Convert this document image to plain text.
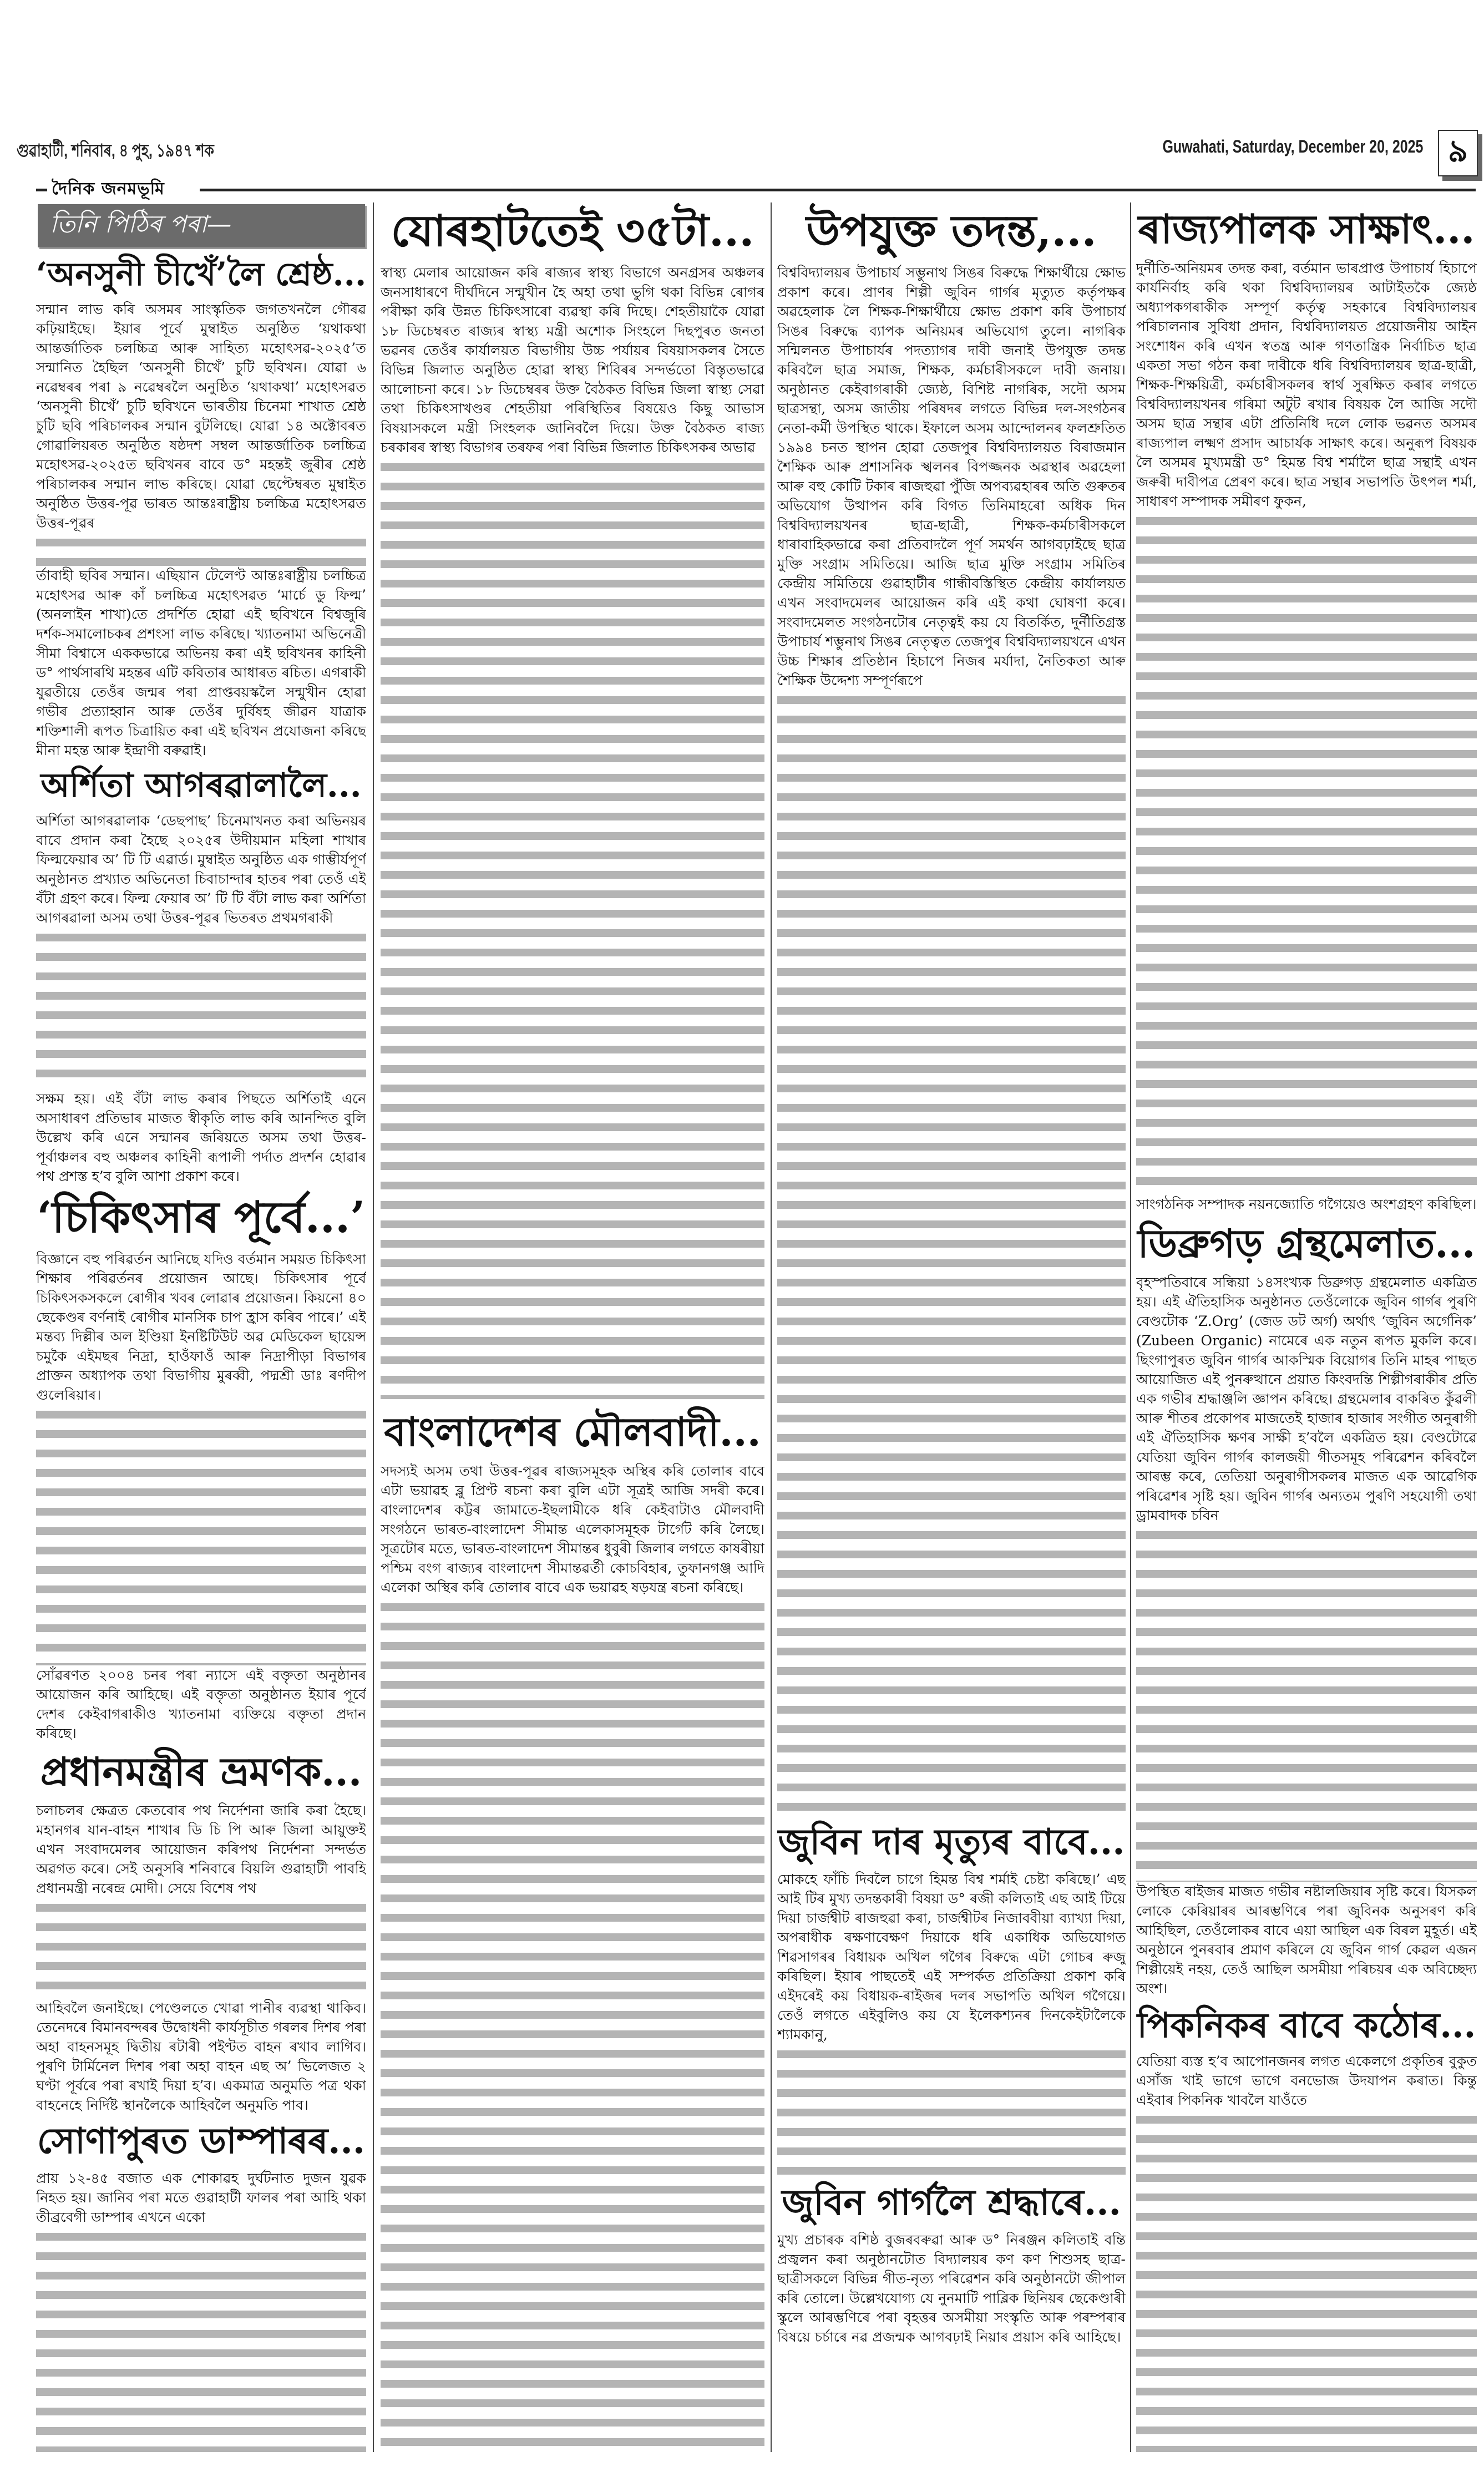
গুৱাহাটী, শনিবাৰ, ৪ পুহ, ১৯৪৭ শক	Guwahati, Saturday, December 20, 2025 ৯
দৈনিক জনমভূমি
তিনি পিঠিৰ পৰা—
‘অনসুনী চীখেঁ’লৈ শ্ৰেষ্ঠ...

সন্মান লাভ কৰি অসমৰ সাংস্কৃতিক জগতখনলৈ গৌৰৱ কঢ়িয়াইছে। ইয়াৰ পূৰ্বে মুম্বাইত অনুষ্ঠিত ‘য়থাকথা আন্তৰ্জাতিক চলচ্চিত্ৰ আৰু সাহিত্য মহোৎসৱ-২০২৫’ত সন্মানিত হৈছিল ‘অনসুনী চীখেঁ’ চুটি ছবিখন। যোৱা ৬ নৱেম্বৰৰ পৰা ৯ নৱেম্বৰলৈ অনুষ্ঠিত ‘য়থাকথা’ মহোৎসৱত ‘অনসুনী চীখেঁ’ চুটি ছবিখনে ভাৰতীয় চিনেমা শাখাত শ্ৰেষ্ঠ চুটি ছবি পৰিচালকৰ সন্মান বুটলিছে। যোৱা ১৪ অক্টোবৰত গোৱালিয়ৰত অনুষ্ঠিত ষষ্ঠদশ সম্বল আন্তৰ্জাতিক চলচ্চিত্ৰ মহোৎসৱ-২০২৫ত ছবিখনৰ বাবে ড° মহন্তই জুৰীৰ শ্ৰেষ্ঠ পৰিচালকৰ সন্মান লাভ কৰিছে। যোৱা ছেপ্টেম্বৰত মুম্বাইত অনুষ্ঠিত উত্তৰ-পূৱ ভাৰত আন্তঃৰাষ্ট্ৰীয় চলচ্চিত্ৰ মহোৎসৱত উত্তৰ-পূৱৰ

ৰ্তাবাহী ছবিৰ সন্মান। এছিয়ান টেলেণ্ট আন্তঃৰাষ্ট্ৰীয় চলচ্চিত্ৰ মহোৎসৱ আৰু কাঁ চলচ্চিত্ৰ মহোৎসৱত ‘মাৰ্চে ডু ফিল্ম’ (অনলাইন শাখা)তে প্ৰদৰ্শিত হোৱা এই ছবিখনে বিশ্বজুৰি দৰ্শক-সমালোচকৰ প্ৰশংসা লাভ কৰিছে। খ্যাতনামা অভিনেত্ৰী সীমা বিশ্বাসে এককভাৱে অভিনয় কৰা এই ছবিখনৰ কাহিনী ড° পাৰ্থসাৰথি মহন্তৰ এটি কবিতাৰ আধাৰত ৰচিত। এগৰাকী যুৱতীয়ে তেওঁৰ জন্মৰ পৰা প্ৰাপ্তবয়স্কলৈ সন্মুখীন হোৱা গভীৰ প্ৰত্যাহ্বান আৰু তেওঁৰ দুৰ্বিষহ জীৱন যাত্ৰাক শক্তিশালী ৰূপত চিত্ৰায়িত কৰা এই ছবিখন প্ৰযোজনা কৰিছে মীনা মহন্ত আৰু ইন্দ্ৰাণী বৰুৱাই।

অৰ্শিতা আগৰৱালালৈ...

অৰ্শিতা আগৰৱালাক ‘ডেছপাছ’ চিনেমাখনত কৰা অভিনয়ৰ বাবে প্ৰদান কৰা হৈছে ২০২৫ৰ উদীয়মান মহিলা শাখাৰ ফিল্মফেয়াৰ অ’ টি টি এৱাৰ্ড। মুম্বাইত অনুষ্ঠিত এক গাম্ভীৰ্যপূৰ্ণ অনুষ্ঠানত প্ৰখ্যাত অভিনেতা চিবাচান্দাৰ হাতৰ পৰা তেওঁ এই বঁটা গ্ৰহণ কৰে। ফিল্ম ফেয়াৰ অ’ টি টি বঁটা লাভ কৰা অৰ্শিতা আগৰৱালা অসম তথা উত্তৰ-পূৱৰ ভিতৰত প্ৰথমগৰাকী

সক্ষম হয়। এই বঁটা লাভ কৰাৰ পিছতে অৰ্শিতাই এনে অসাধাৰণ প্ৰতিভাৰ মাজত স্বীকৃতি লাভ কৰি আনন্দিত বুলি উল্লেখ কৰি এনে সন্মানৰ জৰিয়তে অসম তথা উত্তৰ-পূৰ্বাঞ্চলৰ বহু অঞ্চলৰ কাহিনী ৰূপালী পৰ্দাত প্ৰদৰ্শন হোৱাৰ পথ প্ৰশস্ত হ’ব বুলি আশা প্ৰকাশ কৰে।

‘চিকিৎসাৰ পূৰ্বে...’

বিজ্ঞানে বহু পৰিৱৰ্তন আনিছে যদিও বৰ্তমান সময়ত চিকিৎসা শিক্ষাৰ পৰিৱৰ্তনৰ প্ৰয়োজন আছে। চিকিৎসাৰ পূৰ্বে চিকিৎসকসকলে ৰোগীৰ খবৰ লোৱাৰ প্ৰয়োজন। কিয়নো ৪০ ছেকেণ্ডৰ বৰ্ণনাই ৰোগীৰ মানসিক চাপ হ্ৰাস কৰিব পাৰে।’ এই মন্তব্য দিল্লীৰ অল ইণ্ডিয়া ইনষ্টিটিউট অৱ মেডিকেল ছায়েন্স চমুকৈ এইমছৰ নিদ্ৰা, হাওঁফাওঁ আৰু নিদ্ৰাপীড়া বিভাগৰ প্ৰাক্তন অধ্যাপক তথা বিভাগীয় মুৰব্বী, পদ্মশ্ৰী ডাঃ ৰণদীপ গুলেৰিয়াৰ।

সোঁৱৰণত ২০০৪ চনৰ পৰা ন্যাসে এই বক্তৃতা অনুষ্ঠানৰ আয়োজন কৰি আহিছে। এই বক্তৃতা অনুষ্ঠানত ইয়াৰ পূৰ্বে দেশৰ কেইবাগৰাকীও খ্যাতনামা ব্যক্তিয়ে বক্তৃতা প্ৰদান কৰিছে।

প্ৰধানমন্ত্ৰীৰ ভ্ৰমণক...

চলাচলৰ ক্ষেত্ৰত কেতবোৰ পথ নিৰ্দেশনা জাৰি কৰা হৈছে। মহানগৰ যান-বাহন শাখাৰ ডি চি পি আৰু জিলা আয়ুক্তই এখন সংবাদমেলৰ আয়োজন কৰিপথ নিৰ্দেশনা সন্দৰ্ভত অৱগত কৰে। সেই অনুসৰি শনিবাৰে বিয়লি গুৱাহাটী পাবহি প্ৰধানমন্ত্ৰী নৰেন্দ্ৰ মোদী। সেয়ে বিশেষ পথ

আহিবলৈ জনাইছে। পেণ্ডেলতে খোৱা পানীৰ ব্যৱস্থা থাকিব। তেনেদৰে বিমানবন্দৰৰ উদ্বোধনী কাৰ্যসূচীত গৰলৰ দিশৰ পৰা অহা বাহনসমূহ দ্বিতীয় ৰটাৰী পইণ্টত বাহন ৰখাব লাগিব। পুৰণি টাৰ্মিনেল দিশৰ পৰা অহা বাহন এছ অ’ ভিলেজত ২ ঘণ্টা পূৰ্বৰে পৰা ৰখাই দিয়া হ’ব। একমাত্ৰ অনুমতি পত্ৰ থকা বাহনেহে নিৰ্দিষ্ট স্থানলৈকে আহিবলৈ অনুমতি পাব।

সোণাপুৰত ডাম্পাৰৰ...

প্ৰায় ১২-৪৫ বজাত এক শোকাৱহ দুৰ্ঘটনাত দুজন যুৱক নিহত হয়। জানিব পৰা মতে গুৱাহাটী ফালৰ পৰা আহি থকা তীব্ৰবেগী ডাম্পাৰ এখনে একো

যোৰহাটতেই ৩৫টা...

স্বাস্থ্য মেলাৰ আয়োজন কৰি ৰাজ্যৰ স্বাস্থ্য বিভাগে অনগ্ৰসৰ অঞ্চলৰ জনসাধাৰণে দীৰ্ঘদিনে সন্মুখীন হৈ অহা তথা ভুগি থকা বিভিন্ন ৰোগৰ পৰীক্ষা কৰি উন্নত চিকিৎসাৰো ব্যৱস্থা কৰি দিছে। শেহতীয়াকৈ যোৱা ১৮ ডিচেম্বৰত ৰাজ্যৰ স্বাস্থ্য মন্ত্ৰী অশোক সিংহলে দিছপুৰত জনতা ভৱনৰ তেওঁৰ কাৰ্যালয়ত বিভাগীয় উচ্চ পৰ্যায়ৰ বিষয়াসকলৰ সৈতে বিভিন্ন জিলাত অনুষ্ঠিত হোৱা স্বাস্থ্য শিবিৰৰ সন্দৰ্ভতো বিস্তৃতভাৱে আলোচনা কৰে। ১৮ ডিচেম্বৰৰ উক্ত বৈঠকত বিভিন্ন জিলা স্বাস্থ্য সেৱা তথা চিকিৎসাখণ্ডৰ শেহতীয়া পৰিস্থিতিৰ বিষয়েও কিছু আভাস বিষয়াসকলে মন্ত্ৰী সিংহলক জানিবলৈ দিয়ে। উক্ত বৈঠকত ৰাজ্য চৰকাৰৰ স্বাস্থ্য বিভাগৰ তৰফৰ পৰা বিভিন্ন জিলাত চিকিৎসকৰ অভাৱ

বাংলাদেশৰ মৌলবাদী...

সদস্যই অসম তথা উত্তৰ-পূৱৰ ৰাজ্যসমূহক অস্থিৰ কৰি তোলাৰ বাবে এটা ভয়াৱহ ব্লু প্ৰিণ্ট ৰচনা কৰা বুলি এটা সূত্ৰই আজি সদৰী কৰে। বাংলাদেশৰ কট্টৰ জামাতে-ইছলামীকে ধৰি কেইবাটাও মৌলবাদী সংগঠনে ভাৰত-বাংলাদেশ সীমান্ত এলেকাসমূহক টাৰ্গেট কৰি লৈছে। সূত্ৰটোৰ মতে, ভাৰত-বাংলাদেশ সীমান্তৰ ধুবুৰী জিলাৰ লগতে কাষৰীয়া পশ্চিম বংগ ৰাজ্যৰ বাংলাদেশ সীমান্তৱৰ্তী কোচবিহাৰ, তুফানগঞ্জ আদি এলেকা অস্থিৰ কৰি তোলাৰ বাবে এক ভয়াৱহ ষড়যন্ত্ৰ ৰচনা কৰিছে।

উপযুক্ত তদন্ত,...

বিশ্ববিদ্যালয়ৰ উপাচাৰ্য সম্ভুনাথ সিঙৰ বিৰুদ্ধে শিক্ষাৰ্থীয়ে ক্ষোভ প্ৰকাশ কৰে। প্ৰাণৰ শিল্পী জুবিন গাৰ্গৰ মৃত্যুত কৰ্তৃপক্ষৰ অৱহেলাক লৈ শিক্ষক-শিক্ষাৰ্থীয়ে ক্ষোভ প্ৰকাশ কৰি উপাচাৰ্য সিঙৰ বিৰুদ্ধে ব্যাপক অনিয়মৰ অভিযোগ তুলে। নাগৰিক সন্মিলনত উপাচাৰ্যৰ পদত্যাগৰ দাবী জনাই উপযুক্ত তদন্ত কৰিবলৈ ছাত্ৰ সমাজ, শিক্ষক, কৰ্মচাৰীসকলে দাবী জনায়। অনুষ্ঠানত কেইবাগৰাকী জ্যেষ্ঠ, বিশিষ্ট নাগৰিক, সদৌ অসম ছাত্ৰসন্থা, অসম জাতীয় পৰিষদৰ লগতে বিভিন্ন দল-সংগঠনৰ নেতা-কৰ্মী উপস্থিত থাকে। ইফালে অসম আন্দোলনৰ ফলশ্ৰুতিত ১৯৯৪ চনত স্থাপন হোৱা তেজপুৰ বিশ্ববিদ্যালয়ত বিৰাজমান শৈক্ষিক আৰু প্ৰশাসনিক স্খলনৰ বিপজ্জনক অৱস্থাৰ অৱহেলা আৰু বহু কোটি টকাৰ ৰাজহুৱা পুঁজি অপব্যৱহাৰৰ অতি গুৰুতৰ অভিযোগ উত্থাপন কৰি বিগত তিনিমাহৰো অধিক দিন বিশ্ববিদ্যালয়খনৰ ছাত্ৰ-ছাত্ৰী, শিক্ষক-কৰ্মচাৰীসকলে ধাৰাবাহিকভাৱে কৰা প্ৰতিবাদলৈ পূৰ্ণ সমৰ্থন আগবঢ়াইছে ছাত্ৰ মুক্তি সংগ্ৰাম সমিতিয়ে। আজি ছাত্ৰ মুক্তি সংগ্ৰাম সমিতিৰ কেন্দ্ৰীয় সমিতিয়ে গুৱাহাটীৰ গান্ধীবস্তিস্থিত কেন্দ্ৰীয় কাৰ্যালয়ত এখন সংবাদমেলৰ আয়োজন কৰি এই কথা ঘোষণা কৰে। সংবাদমেলত সংগঠনটোৰ নেতৃত্বই কয় যে বিতৰ্কিত, দুৰ্নীতিগ্ৰস্ত উপাচাৰ্য শম্ভুনাথ সিঙৰ নেতৃত্বত তেজপুৰ বিশ্ববিদ্যালয়খনে এখন উচ্চ শিক্ষাৰ প্ৰতিষ্ঠান হিচাপে নিজৰ মৰ্যাদা, নৈতিকতা আৰু শৈক্ষিক উদ্দেশ্য সম্পূৰ্ণৰূপে

জুবিন দাৰ মৃত্যুৰ বাবে...

মোকহে ফাঁচি দিবলৈ চাগে হিমন্ত বিশ্ব শৰ্মাই চেষ্টা কৰিছে।’ এছ আই টিৰ মুখ্য তদন্তকাৰী বিষয়া ড° ৰজী কলিতাই এছ আই টিয়ে দিয়া চাৰ্জশ্বীট ৰাজহুৱা কৰা, চাৰ্জশ্বীটৰ নিজাববীয়া ব্যাখ্যা দিয়া, অপৰাধীক ৰক্ষণাবেক্ষণ দিয়াকে ধৰি একাধিক অভিযোগত শিৱসাগৰৰ বিধায়ক অখিল গগৈৰ বিৰুদ্ধে এটা গোচৰ ৰুজু কৰিছিল। ইয়াৰ পাছতেই এই সম্পৰ্কত প্ৰতিক্ৰিয়া প্ৰকাশ কৰি এইদৰেই কয় বিধায়ক-ৰাইজৰ দলৰ সভাপতি অখিল গগৈয়ে। তেওঁ লগতে এইবুলিও কয় যে ইলেকশ্যনৰ দিনকেইটালৈকে শ্যামকানু,

জুবিন গাৰ্গলৈ শ্ৰদ্ধাৰে...

মুখ্য প্ৰচাৰক বশিষ্ঠ বুজৰবৰুৱা আৰু ড° নিৰঞ্জন কলিতাই বন্তি প্ৰজ্বলন কৰা অনুষ্ঠানটোত বিদ্যালয়ৰ কণ কণ শিশুসহ ছাত্ৰ-ছাত্ৰীসকলে বিভিন্ন গীত-নৃত্য পৰিৱেশন কৰি অনুষ্ঠানটো জীপাল কৰি তোলে। উল্লেখযোগ্য যে নুনমাটি পাব্লিক ছিনিয়ৰ ছেকেণ্ডাৰী স্কুলে আৰম্ভণিৰে পৰা বৃহত্তৰ অসমীয়া সংস্কৃতি আৰু পৰম্পৰাৰ বিষয়ে চৰ্চাৰে নৱ প্ৰজন্মক আগবঢ়াই নিয়াৰ প্ৰয়াস কৰি আহিছে।

ৰাজ্যপালক সাক্ষাৎ...

দুৰ্নীতি-অনিয়মৰ তদন্ত কৰা, বৰ্তমান ভাৰপ্ৰাপ্ত উপাচাৰ্য হিচাপে কাৰ্যনিৰ্বাহ কৰি থকা বিশ্ববিদ্যালয়ৰ আটাইতকৈ জ্যেষ্ঠ অধ্যাপকগৰাকীক সম্পূৰ্ণ কৰ্তৃত্ব সহকাৰে বিশ্ববিদ্যালয়ৰ পৰিচালনাৰ সুবিধা প্ৰদান, বিশ্ববিদ্যালয়ত প্ৰয়োজনীয় আইন সংশোধন কৰি এখন স্বতন্ত্ৰ আৰু গণতান্ত্ৰিক নিৰ্বাচিত ছাত্ৰ একতা সভা গঠন কৰা দাবীকে ধৰি বিশ্ববিদ্যালয়ৰ ছাত্ৰ-ছাত্ৰী, শিক্ষক-শিক্ষয়িত্ৰী, কৰ্মচাৰীসকলৰ স্বাৰ্থ সুৰক্ষিত কৰাৰ লগতে বিশ্ববিদ্যালয়খনৰ গৰিমা অটুট ৰখাৰ বিষয়ক লৈ আজি সদৌ অসম ছাত্ৰ সন্থাৰ এটা প্ৰতিনিধি দলে লোক ভৱনত অসমৰ ৰাজ্যপাল লক্ষ্মণ প্ৰসাদ আচাৰ্যক সাক্ষাৎ কৰে। অনুৰূপ বিষয়ক লৈ অসমৰ মুখ্যমন্ত্ৰী ড° হিমন্ত বিশ্ব শৰ্মালৈ ছাত্ৰ সন্থাই এখন জৰুৰী দাবীপত্ৰ প্ৰেৰণ কৰে। ছাত্ৰ সন্থাৰ সভাপতি উৎপল শৰ্মা, সাধাৰণ সম্পাদক সমীৰণ ফুকন,

সাংগঠনিক সম্পাদক নয়নজ্যোতি গগৈয়েও অংশগ্ৰহণ কৰিছিল।

ডিব্ৰুগড় গ্ৰন্থমেলাত...

বৃহস্পতিবাৰে সন্ধিয়া ১৪সংখ্যক ডিব্ৰুগড় গ্ৰন্থমেলাত একত্ৰিত হয়। এই ঐতিহাসিক অনুষ্ঠানত তেওঁলোকে জুবিন গাৰ্গৰ পুৰণি বেণ্ডটোক ‘Z.Org’ (জেড ডট অৰ্গ) অৰ্থাৎ ‘জুবিন অৰ্গেনিক’ (Zubeen Organic) নামেৰে এক নতুন ৰূপত মুকলি কৰে। ছিংগাপুৰত জুবিন গাৰ্গৰ আকস্মিক বিয়োগৰ তিনি মাহৰ পাছত আয়োজিত এই পুনৰুত্থানে প্ৰয়াত কিংবদন্তি শিল্পীগৰাকীৰ প্ৰতি এক গভীৰ শ্ৰদ্ধাঞ্জলি জ্ঞাপন কৰিছে। গ্ৰন্থমেলাৰ বাকৰিত কুঁৱলী আৰু শীতৰ প্ৰকোপৰ মাজতেই হাজাৰ হাজাৰ সংগীত অনুৰাগী এই ঐতিহাসিক ক্ষণৰ সাক্ষী হ’বলৈ একত্ৰিত হয়। বেণ্ডটোৱে যেতিয়া জুবিন গাৰ্গৰ কালজয়ী গীতসমূহ পৰিৱেশন কৰিবলৈ আৰম্ভ কৰে, তেতিয়া অনুৰাগীসকলৰ মাজত এক আৱেগিক পৰিৱেশৰ সৃষ্টি হয়। জুবিন গাৰ্গৰ অন্যতম পুৰণি সহযোগী তথা ড্ৰামবাদক চবিন

উপস্থিত ৰাইজৰ মাজত গভীৰ নষ্টালজিয়াৰ সৃষ্টি কৰে। যিসকল লোকে কেৰিয়াৰৰ আৰম্ভণিৰে পৰা জুবিনক অনুসৰণ কৰি আহিছিল, তেওঁলোকৰ বাবে এয়া আছিল এক বিৰল মুহূৰ্ত। এই অনুষ্ঠানে পুনৰবাৰ প্ৰমাণ কৰিলে যে জুবিন গাৰ্গ কেৱল এজন শিল্পীয়েই নহয়, তেওঁ আছিল অসমীয়া পৰিচয়ৰ এক অবিচ্ছেদ্য অংশ।

পিকনিকৰ বাবে কঠোৰ...

যেতিয়া ব্যস্ত হ’ব আপোনজনৰ লগত একেলগে প্ৰকৃতিৰ বুকুত এসাঁজ খাই ভাগে ভাগে বনভোজ উদযাপন কৰাত। কিন্তু এইবাৰ পিকনিক খাবলৈ যাওঁতে
